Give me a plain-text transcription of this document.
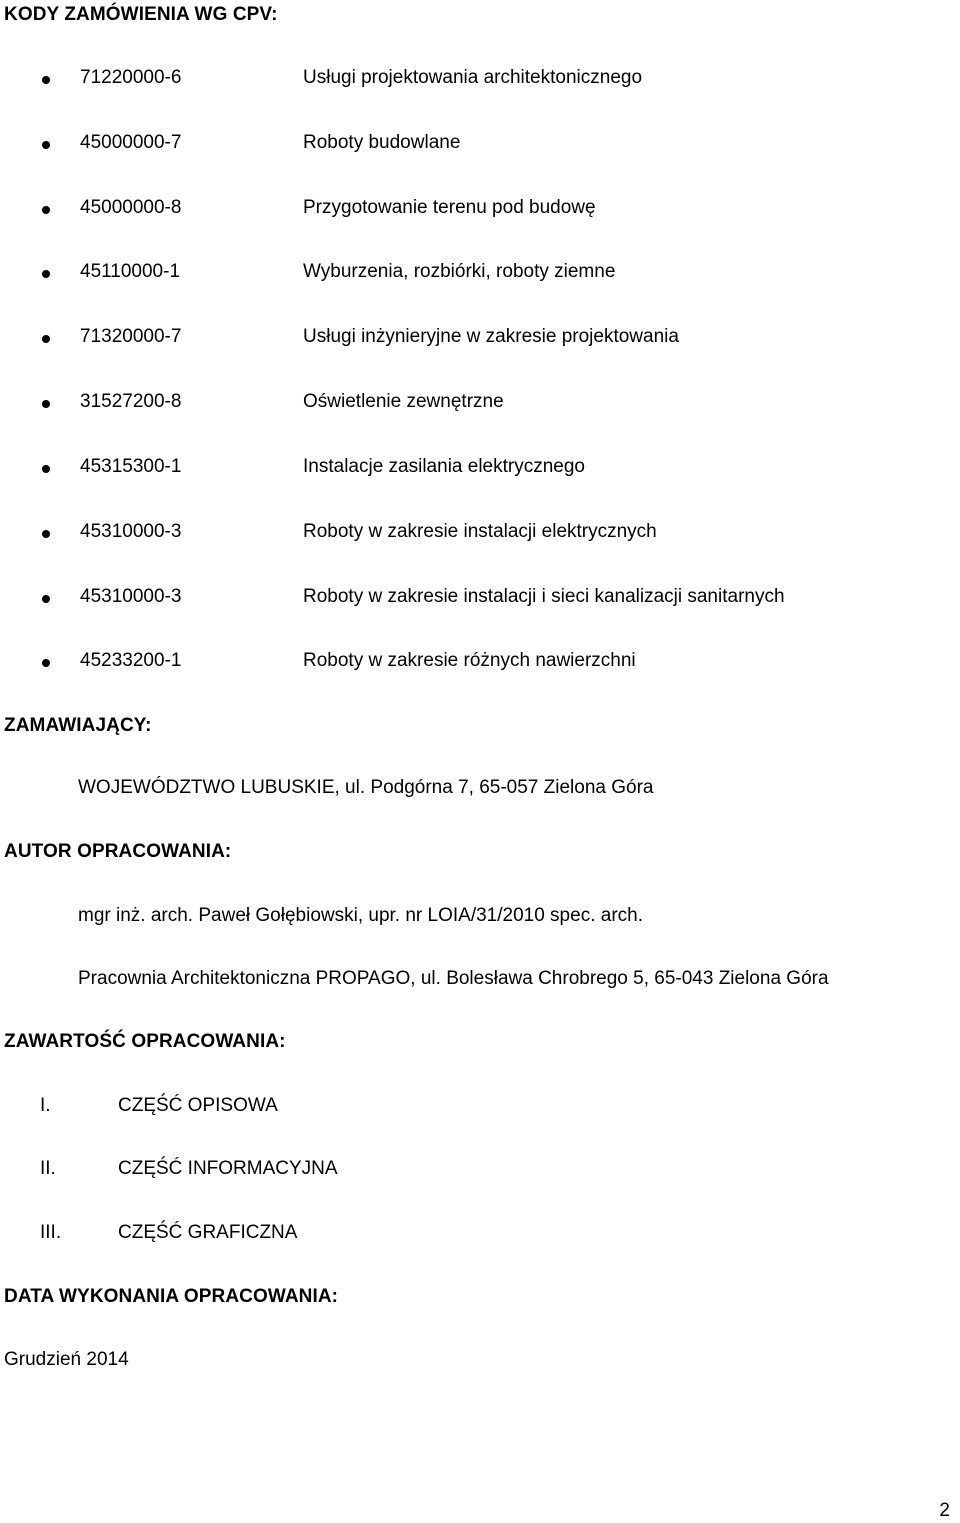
KODY ZAMÓWIENIA WG CPV:
71220000-6	Usługi projektowania architektonicznego
45000000-7	Roboty budowlane
45000000-8	Przygotowanie terenu pod budowę
45110000-1	Wyburzenia, rozbiórki, roboty ziemne
71320000-7	Usługi inżynieryjne w zakresie projektowania
31527200-8	Oświetlenie zewnętrzne
45315300-1	Instalacje zasilania elektrycznego
45310000-3	Roboty w zakresie instalacji elektrycznych
45310000-3	Roboty w zakresie instalacji i sieci kanalizacji sanitarnych
45233200-1	Roboty w zakresie różnych nawierzchni
ZAMAWIAJĄCY:
WOJEWÓDZTWO LUBUSKIE, ul. Podgórna 7, 65-057 Zielona Góra
AUTOR OPRACOWANIA:
mgr inż. arch. Paweł Gołębiowski, upr. nr LOIA/31/2010 spec. arch.
Pracownia Architektoniczna PROPAGO, ul. Bolesława Chrobrego 5, 65-043 Zielona Góra
ZAWARTOŚĆ OPRACOWANIA:
I.	CZĘŚĆ OPISOWA
II.	CZĘŚĆ INFORMACYJNA
III.	CZĘŚĆ GRAFICZNA
DATA WYKONANIA OPRACOWANIA:
Grudzień 2014
2
